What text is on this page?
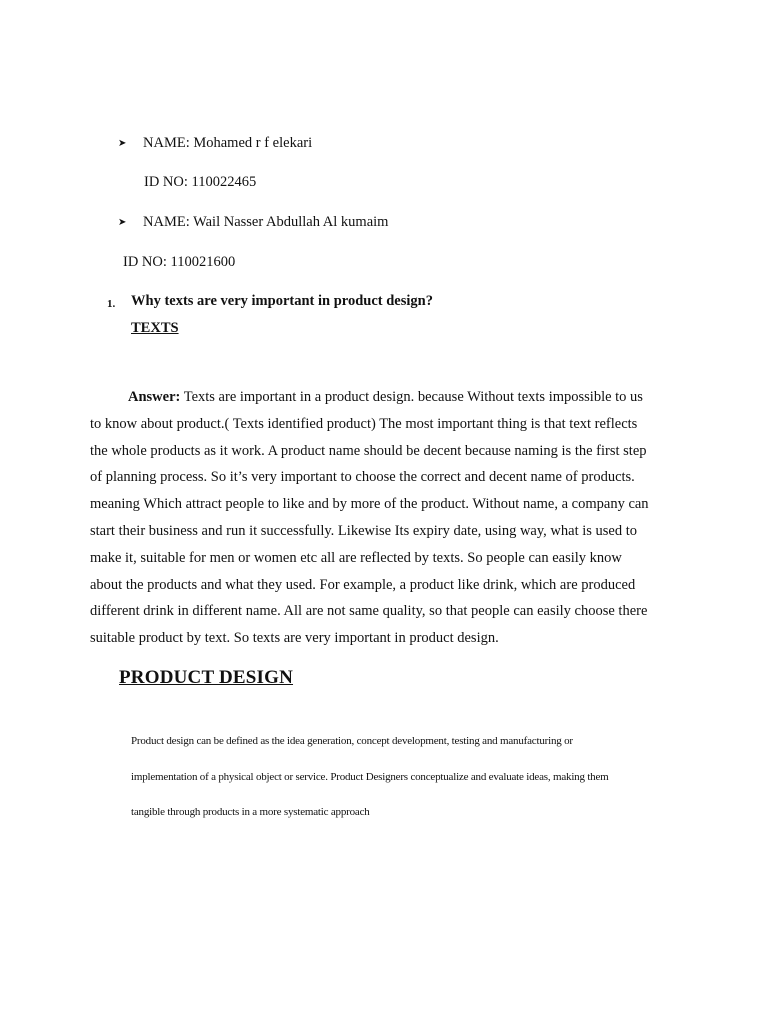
➤ NAME: Mohamed r f elekari
ID NO: 110022465
➤ NAME: Wail Nasser Abdullah Al kumaim
ID NO: 110021600
1. Why texts are very important in product design?
TEXTS
Answer: Texts are important in a product design. because Without texts impossible to us
to know about product.( Texts identified product) The most important thing is that text reflects
the whole products as it work. A product name should be decent because naming is the first step
of planning process. So it’s very important to choose the correct and decent name of products.
meaning Which attract people to like and by more of the product. Without name, a company can
start their business and run it successfully. Likewise Its expiry date, using way, what is used to
make it, suitable for men or women etc all are reflected by texts. So people can easily know
about the products and what they used. For example, a product like drink, which are produced
different drink in different name. All are not same quality, so that people can easily choose there
suitable product by text. So texts are very important in product design.
PRODUCT DESIGN
Product design can be defined as the idea generation, concept development, testing and manufacturing or
implementation of a physical object or service. Product Designers conceptualize and evaluate ideas, making them
tangible through products in a more systematic approach
